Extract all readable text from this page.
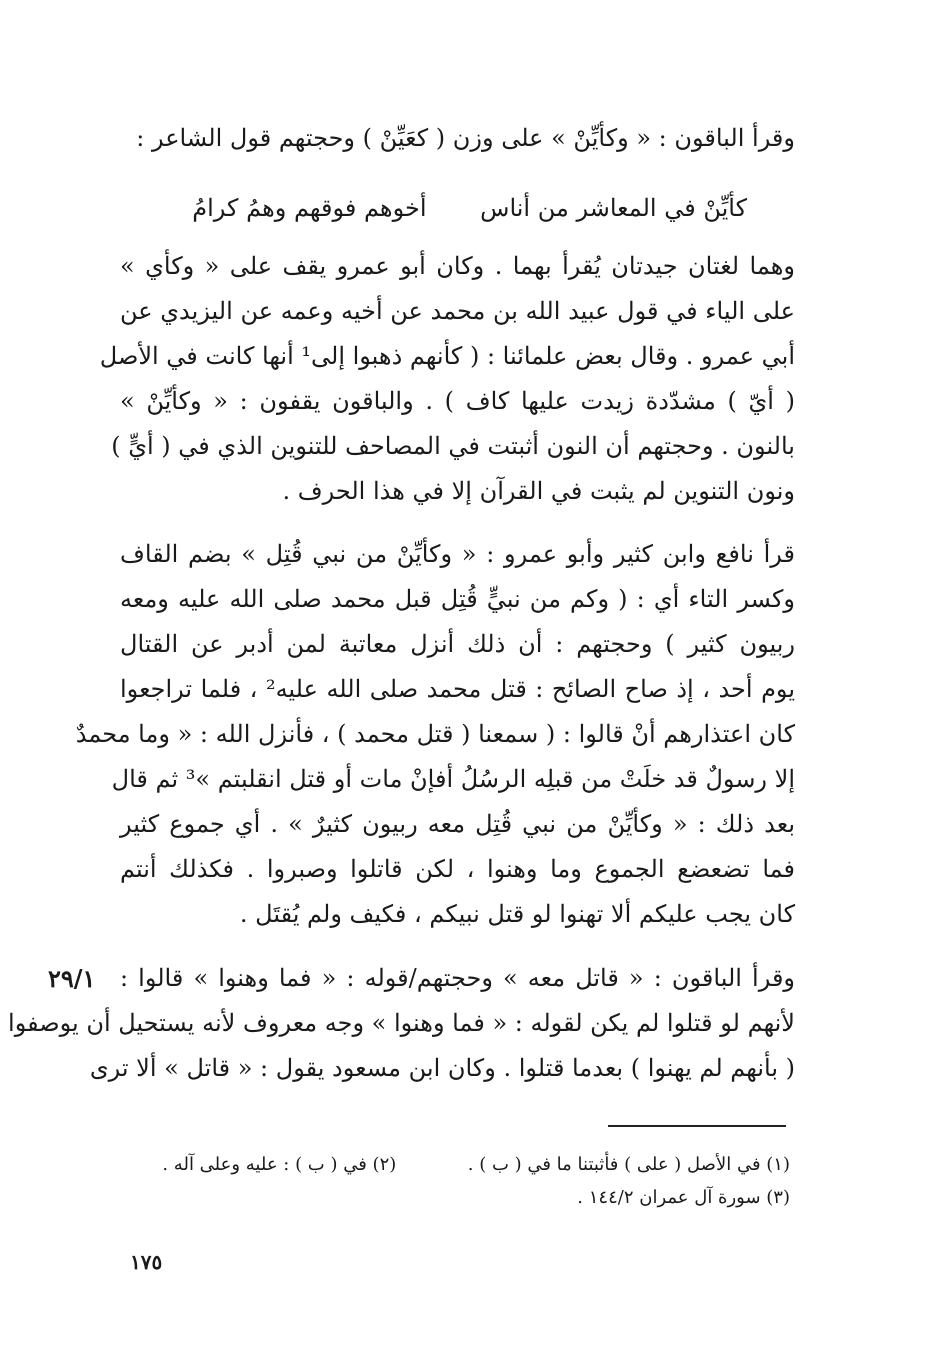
وقرأ الباقون : « وكأيِّنْ » على وزن ( كعَيِّنْ ) وحجتهم قول الشاعر :
كأيِّنْ في المعاشر من أناس أخوهم فوقهم وهمُ كرامُ
وهما لغتان جيدتان يُقرأ بهما . وكان أبو عمرو يقف على « وكأي »
على الياء في قول عبيد الله بن محمد عن أخيه وعمه عن اليزيدي عن
أبي عمرو . وقال بعض علمائنا : ( كأنهم ذهبوا إلى¹ أنها كانت في الأصل
( أيّ ) مشدّدة زيدت عليها كاف ) . والباقون يقفون : « وكأيِّنْ »
بالنون . وحجتهم أن النون أثبتت في المصاحف للتنوين الذي في ( أيٍّ )
ونون التنوين لم يثبت في القرآن إلا في هذا الحرف .
قرأ نافع وابن كثير وأبو عمرو : « وكأيِّنْ من نبي قُتِل » بضم القاف
وكسر التاء أي : ( وكم من نبيٍّ قُتِل قبل محمد صلى الله عليه ومعه
ربيون كثير ) وحجتهم : أن ذلك أنزل معاتبة لمن أدبر عن القتال
يوم أحد ، إذ صاح الصائح : قتل محمد صلى الله عليه² ، فلما تراجعوا
كان اعتذارهم أنْ قالوا : ( سمعنا ( قتل محمد ) ، فأنزل الله : « وما محمدٌ
إلا رسولٌ قد خلَتْ من قبلِه الرسُلُ أفإنْ مات أو قتل انقلبتم »³ ثم قال
بعد ذلك : « وكأيِّنْ من نبي قُتِل معه ربيون كثيرٌ » . أي جموع كثير
فما تضعضع الجموع وما وهنوا ، لكن قاتلوا وصبروا . فكذلك أنتم
كان يجب عليكم ألا تهنوا لو قتل نبيكم ، فكيف ولم يُقتَل .
٢٩/١ وقرأ الباقون : « قاتل معه » وحجتهم/قوله : « فما وهنوا » قالوا :
لأنهم لو قتلوا لم يكن لقوله : « فما وهنوا » وجه معروف لأنه يستحيل أن يوصفوا
( بأنهم لم يهنوا ) بعدما قتلوا . وكان ابن مسعود يقول : « قاتل » ألا ترى
(١) في الأصل ( على ) فأثبتنا ما في ( ب ) .  (٢) في ( ب ) : عليه وعلى آله .
(٣) سورة آل عمران ١٤٤/٢ .
١٧٥
